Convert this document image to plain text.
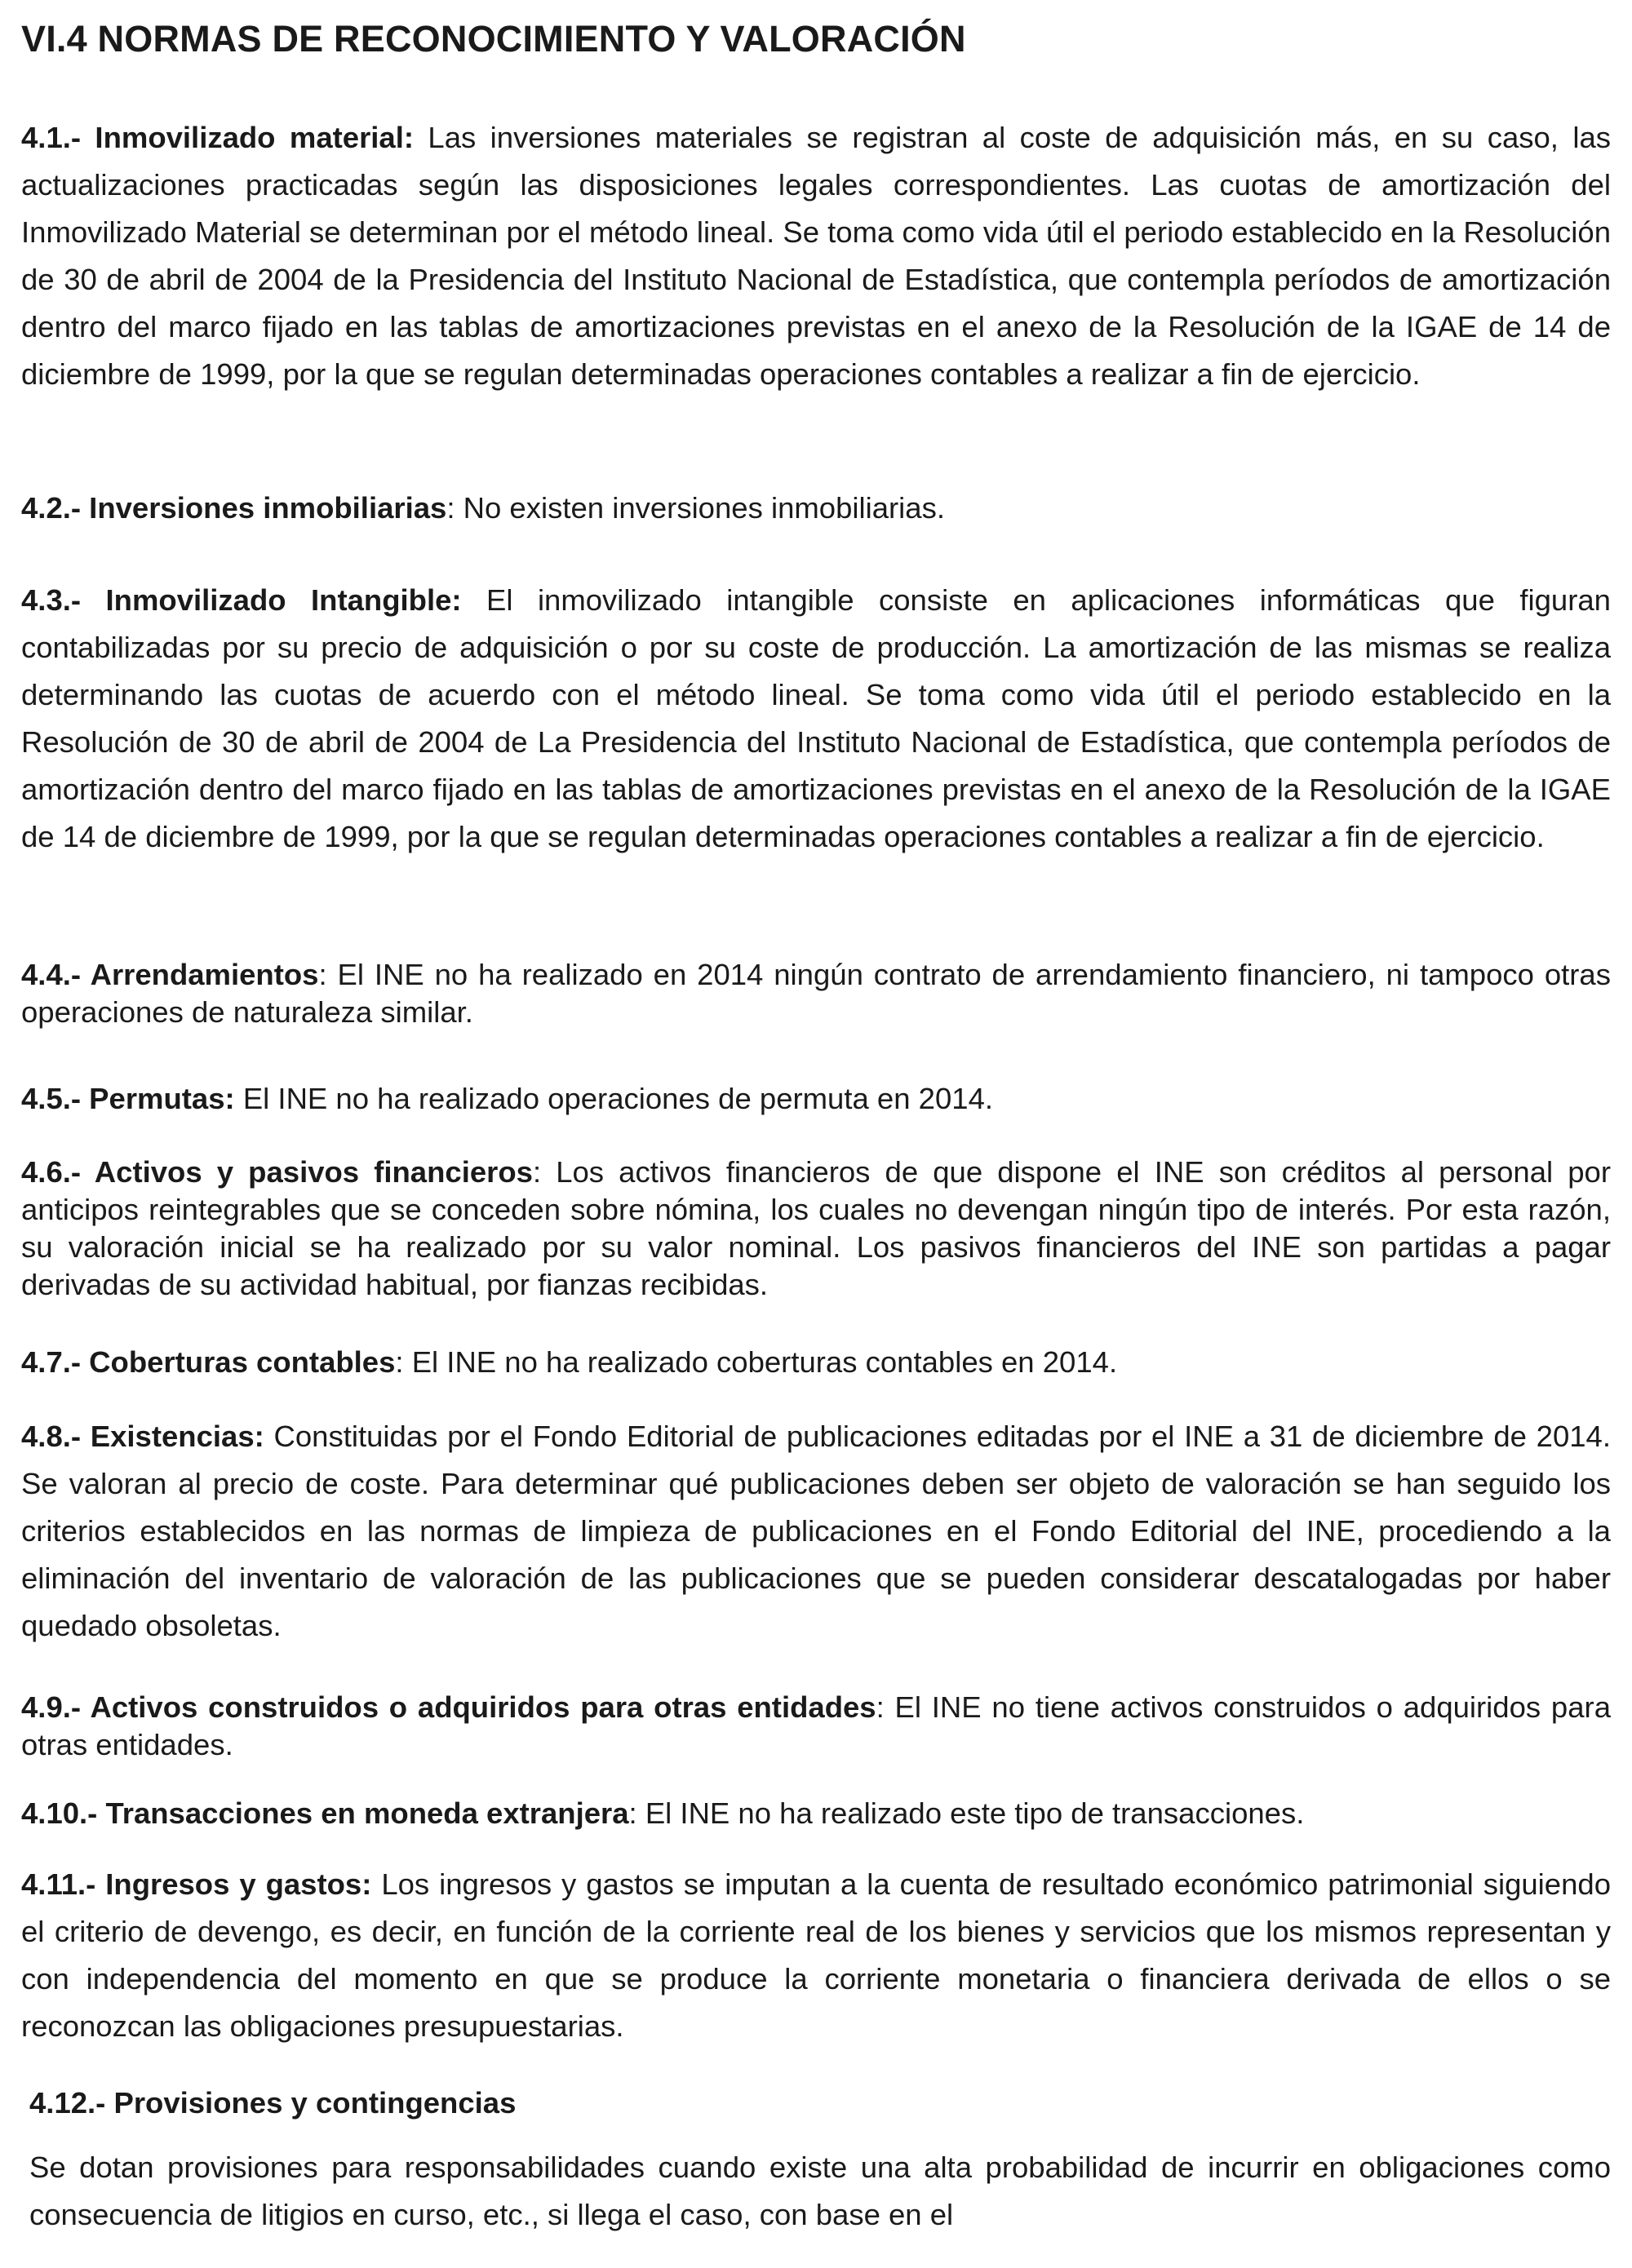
VI.4 NORMAS DE RECONOCIMIENTO Y VALORACIÓN

4.1.- Inmovilizado material: Las inversiones materiales se registran al coste de adquisición más, en su caso, las actualizaciones practicadas según las disposiciones legales correspondientes. Las cuotas de amortización del Inmovilizado Material se determinan por el método lineal. Se toma como vida útil el periodo establecido en la Resolución de 30 de abril de 2004 de la Presidencia del Instituto Nacional de Estadística, que contempla períodos de amortización dentro del marco fijado en las tablas de amortizaciones previstas en el anexo de la Resolución de la IGAE de 14 de diciembre de 1999, por la que se regulan determinadas operaciones contables a realizar a fin de ejercicio.

4.2.- Inversiones inmobiliarias: No existen inversiones inmobiliarias.

4.3.- Inmovilizado Intangible: El inmovilizado intangible consiste en aplicaciones informáticas que figuran contabilizadas por su precio de adquisición o por su coste de producción. La amortización de las mismas se realiza determinando las cuotas de acuerdo con el método lineal. Se toma como vida útil el periodo establecido en la Resolución de 30 de abril de 2004 de La Presidencia del Instituto Nacional de Estadística, que contempla períodos de amortización dentro del marco fijado en las tablas de amortizaciones previstas en el anexo de la Resolución de la IGAE de 14 de diciembre de 1999, por la que se regulan determinadas operaciones contables a realizar a fin de ejercicio.

4.4.- Arrendamientos: El INE no ha realizado en 2014 ningún contrato de arrendamiento financiero, ni tampoco otras operaciones de naturaleza similar.

4.5.- Permutas: El INE no ha realizado operaciones de permuta en 2014.

4.6.- Activos y pasivos financieros: Los activos financieros de que dispone el INE son créditos al personal por anticipos reintegrables que se conceden sobre nómina, los cuales no devengan ningún tipo de interés. Por esta razón, su valoración inicial se ha realizado por su valor nominal. Los pasivos financieros del INE son partidas a pagar derivadas de su actividad habitual, por fianzas recibidas.

4.7.- Coberturas contables: El INE no ha realizado coberturas contables en 2014.

4.8.- Existencias: Constituidas por el Fondo Editorial de publicaciones editadas por el INE a 31 de diciembre de 2014. Se valoran al precio de coste. Para determinar qué publicaciones deben ser objeto de valoración se han seguido los criterios establecidos en las normas de limpieza de publicaciones en el Fondo Editorial del INE, procediendo a la eliminación del inventario de valoración de las publicaciones que se pueden considerar descatalogadas por haber quedado obsoletas.

4.9.- Activos construidos o adquiridos para otras entidades: El INE no tiene activos construidos o adquiridos para otras entidades.

4.10.- Transacciones en moneda extranjera: El INE no ha realizado este tipo de transacciones.

4.11.- Ingresos y gastos: Los ingresos y gastos se imputan a la cuenta de resultado económico patrimonial siguiendo el criterio de devengo, es decir, en función de la corriente real de los bienes y servicios que los mismos representan y con independencia del momento en que se produce la corriente monetaria o financiera derivada de ellos o se reconozcan las obligaciones presupuestarias.

4.12.- Provisiones y contingencias

Se dotan provisiones para responsabilidades cuando existe una alta probabilidad de incurrir en obligaciones como consecuencia de litigios en curso, etc., si llega el caso, con base en el
